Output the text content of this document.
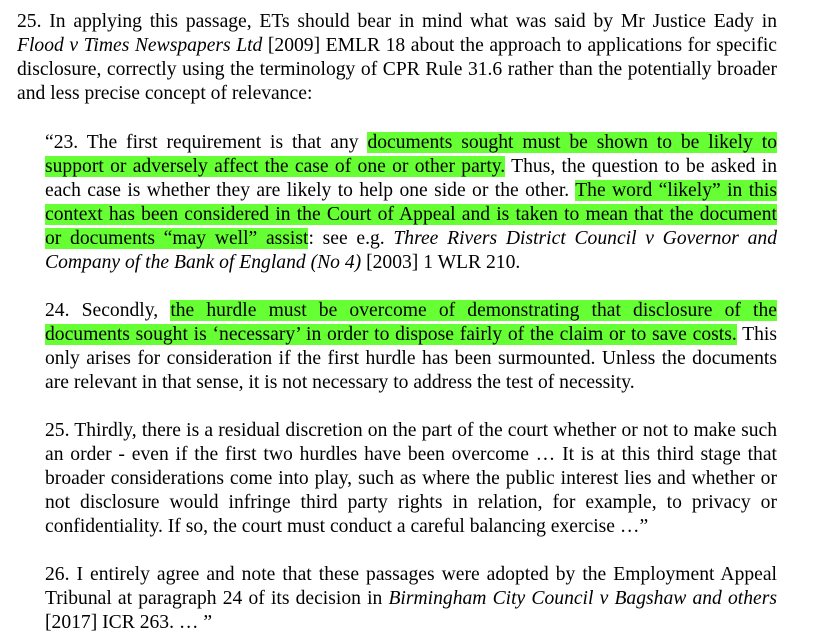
25. In applying this passage, ETs should bear in mind what was said by Mr Justice Eady in Flood v Times Newspapers Ltd [2009] EMLR 18 about the approach to applications for specific disclosure, correctly using the terminology of CPR Rule 31.6 rather than the potentially broader and less precise concept of relevance:

“23. The first requirement is that any documents sought must be shown to be likely to support or adversely affect the case of one or other party. Thus, the question to be asked in each case is whether they are likely to help one side or the other. The word “likely” in this context has been considered in the Court of Appeal and is taken to mean that the document or documents “may well” assist: see e.g. Three Rivers District Council v Governor and Company of the Bank of England (No 4) [2003] 1 WLR 210.

24. Secondly, the hurdle must be overcome of demonstrating that disclosure of the documents sought is ‘necessary’ in order to dispose fairly of the claim or to save costs. This only arises for consideration if the first hurdle has been surmounted. Unless the documents are relevant in that sense, it is not necessary to address the test of necessity.

25. Thirdly, there is a residual discretion on the part of the court whether or not to make such an order - even if the first two hurdles have been overcome … It is at this third stage that broader considerations come into play, such as where the public interest lies and whether or not disclosure would infringe third party rights in relation, for example, to privacy or confidentiality. If so, the court must conduct a careful balancing exercise …”

26. I entirely agree and note that these passages were adopted by the Employment Appeal Tribunal at paragraph 24 of its decision in Birmingham City Council v Bagshaw and others [2017] ICR 263. … ”
